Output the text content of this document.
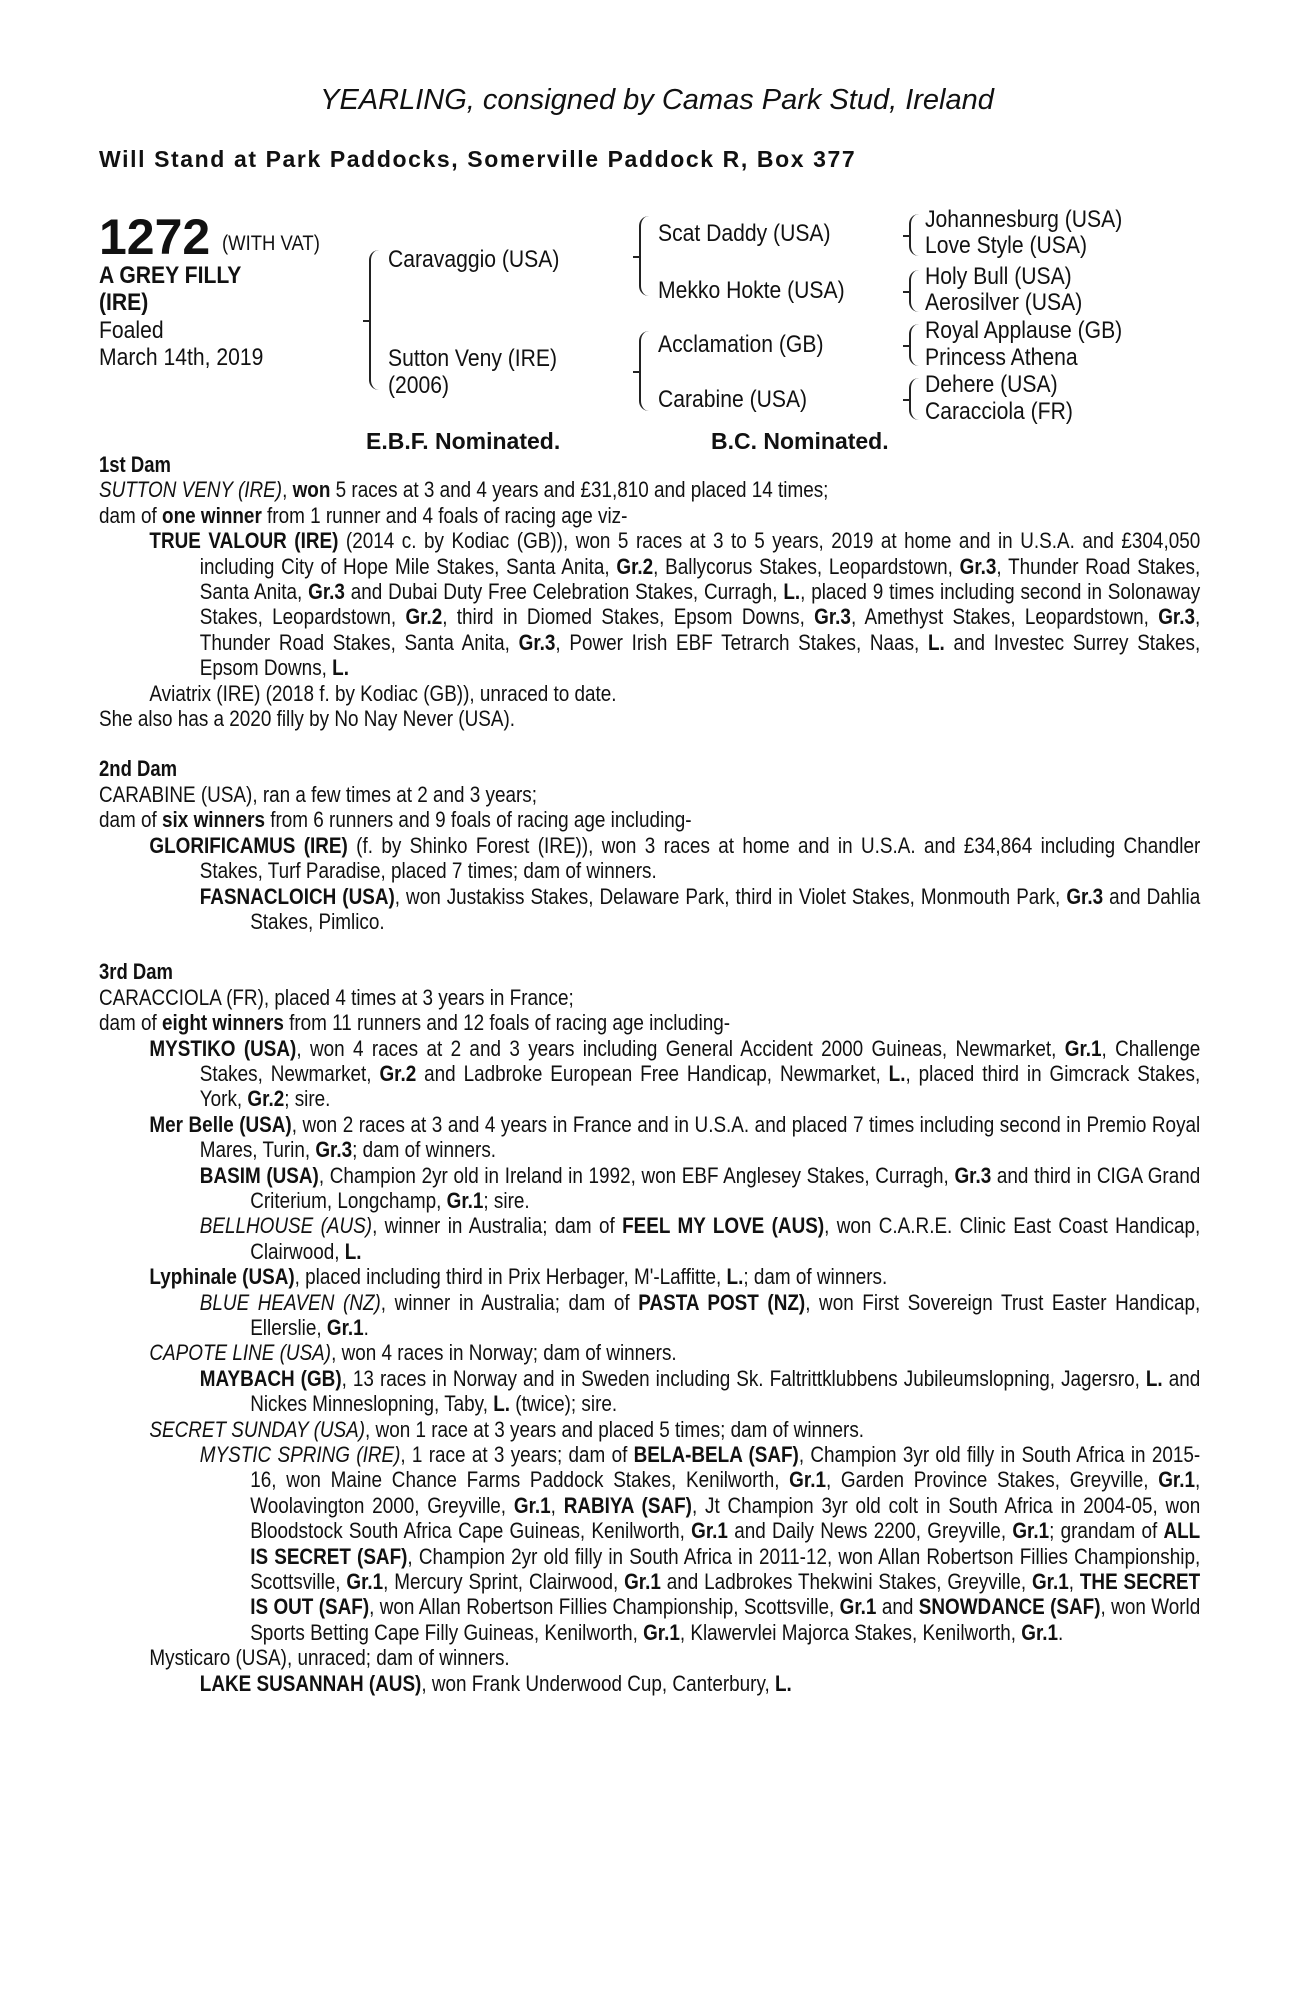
YEARLING, consigned by Camas Park Stud, Ireland
Will Stand at Park Paddocks, Somerville Paddock R, Box 377
1272 (WITH VAT)
A GREY FILLY
(IRE)
Foaled
March 14th, 2019
Caravaggio (USA)
Sutton Veny (IRE)
(2006)
Scat Daddy (USA)
Mekko Hokte (USA)
Acclamation (GB)
Carabine (USA)
Johannesburg (USA)
Love Style (USA)
Holy Bull (USA)
Aerosilver (USA)
Royal Applause (GB)
Princess Athena
Dehere (USA)
Caracciola (FR)
E.B.F. Nominated.	B.C. Nominated.
1st Dam
SUTTON VENY (IRE), won 5 races at 3 and 4 years and £31,810 and placed 14 times;
dam of one winner from 1 runner and 4 foals of racing age viz-
TRUE VALOUR (IRE) (2014 c. by Kodiac (GB)), won 5 races at 3 to 5 years, 2019 at home and in U.S.A. and £304,050 including City of Hope Mile Stakes, Santa Anita, Gr.2, Ballycorus Stakes, Leopardstown, Gr.3, Thunder Road Stakes, Santa Anita, Gr.3 and Dubai Duty Free Celebration Stakes, Curragh, L., placed 9 times including second in Solonaway Stakes, Leopardstown, Gr.2, third in Diomed Stakes, Epsom Downs, Gr.3, Amethyst Stakes, Leopardstown, Gr.3, Thunder Road Stakes, Santa Anita, Gr.3, Power Irish EBF Tetrarch Stakes, Naas, L. and Investec Surrey Stakes, Epsom Downs, L.
Aviatrix (IRE) (2018 f. by Kodiac (GB)), unraced to date.
She also has a 2020 filly by No Nay Never (USA).
2nd Dam
CARABINE (USA), ran a few times at 2 and 3 years;
dam of six winners from 6 runners and 9 foals of racing age including-
GLORIFICAMUS (IRE) (f. by Shinko Forest (IRE)), won 3 races at home and in U.S.A. and £34,864 including Chandler Stakes, Turf Paradise, placed 7 times; dam of winners.
FASNACLOICH (USA), won Justakiss Stakes, Delaware Park, third in Violet Stakes, Monmouth Park, Gr.3 and Dahlia Stakes, Pimlico.
3rd Dam
CARACCIOLA (FR), placed 4 times at 3 years in France;
dam of eight winners from 11 runners and 12 foals of racing age including-
MYSTIKO (USA), won 4 races at 2 and 3 years including General Accident 2000 Guineas, Newmarket, Gr.1, Challenge Stakes, Newmarket, Gr.2 and Ladbroke European Free Handicap, Newmarket, L., placed third in Gimcrack Stakes, York, Gr.2; sire.
Mer Belle (USA), won 2 races at 3 and 4 years in France and in U.S.A. and placed 7 times including second in Premio Royal Mares, Turin, Gr.3; dam of winners.
BASIM (USA), Champion 2yr old in Ireland in 1992, won EBF Anglesey Stakes, Curragh, Gr.3 and third in CIGA Grand Criterium, Longchamp, Gr.1; sire.
BELLHOUSE (AUS), winner in Australia; dam of FEEL MY LOVE (AUS), won C.A.R.E. Clinic East Coast Handicap, Clairwood, L.
Lyphinale (USA), placed including third in Prix Herbager, M'-Laffitte, L.; dam of winners.
BLUE HEAVEN (NZ), winner in Australia; dam of PASTA POST (NZ), won First Sovereign Trust Easter Handicap, Ellerslie, Gr.1.
CAPOTE LINE (USA), won 4 races in Norway; dam of winners.
MAYBACH (GB), 13 races in Norway and in Sweden including Sk. Faltrittklubbens Jubileumslopning, Jagersro, L. and Nickes Minneslopning, Taby, L. (twice); sire.
SECRET SUNDAY (USA), won 1 race at 3 years and placed 5 times; dam of winners.
MYSTIC SPRING (IRE), 1 race at 3 years; dam of BELA-BELA (SAF), Champion 3yr old filly in South Africa in 2015-16, won Maine Chance Farms Paddock Stakes, Kenilworth, Gr.1, Garden Province Stakes, Greyville, Gr.1, Woolavington 2000, Greyville, Gr.1, RABIYA (SAF), Jt Champion 3yr old colt in South Africa in 2004-05, won Bloodstock South Africa Cape Guineas, Kenilworth, Gr.1 and Daily News 2200, Greyville, Gr.1; grandam of ALL IS SECRET (SAF), Champion 2yr old filly in South Africa in 2011-12, won Allan Robertson Fillies Championship, Scottsville, Gr.1, Mercury Sprint, Clairwood, Gr.1 and Ladbrokes Thekwini Stakes, Greyville, Gr.1, THE SECRET IS OUT (SAF), won Allan Robertson Fillies Championship, Scottsville, Gr.1 and SNOWDANCE (SAF), won World Sports Betting Cape Filly Guineas, Kenilworth, Gr.1, Klawervlei Majorca Stakes, Kenilworth, Gr.1.
Mysticaro (USA), unraced; dam of winners.
LAKE SUSANNAH (AUS), won Frank Underwood Cup, Canterbury, L.
